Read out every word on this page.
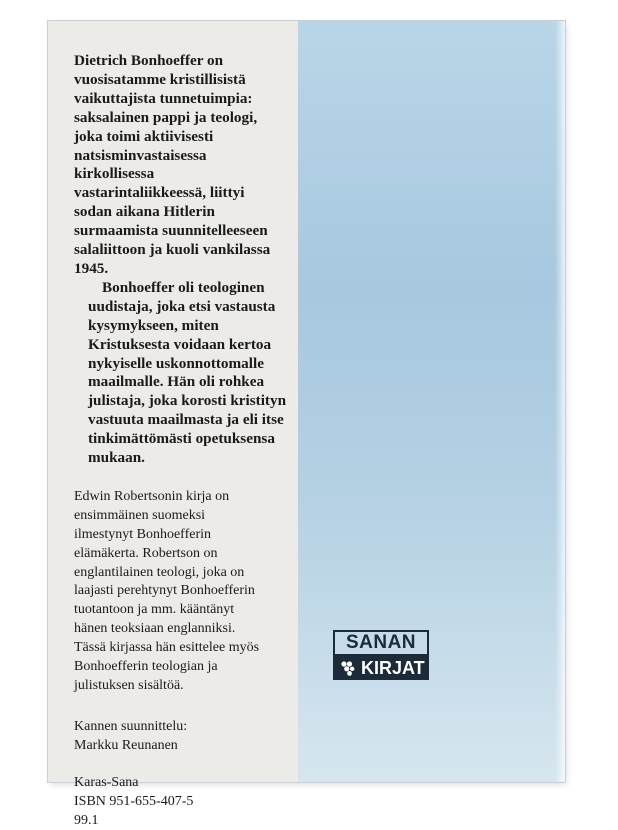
Dietrich Bonhoeffer on
vuosisatamme kristillisistä
vaikuttajista tunnetuimpia:
saksalainen pappi ja teologi,
joka toimi aktiivisesti
natsisminvastaisessa
kirkollisessa
vastarintaliikkeessä, liittyi
sodan aikana Hitlerin
surmaamista suunnitelleeseen
salaliittoon ja kuoli vankilassa
1945.

Bonhoeffer oli teologinen
uudistaja, joka etsi vastausta
kysymykseen, miten
Kristuksesta voidaan kertoa
nykyiselle uskonnottomalle
maailmalle. Hän oli rohkea
julistaja, joka korosti kristityn
vastuuta maailmasta ja eli itse
tinkimättömästi opetuksensa
mukaan.

Edwin Robertsonin kirja on
ensimmäinen suomeksi
ilmestynyt Bonhoefferin
elämäkerta. Robertson on
englantilainen teologi, joka on
laajasti perehtynyt Bonhoefferin
tuotantoon ja mm. kääntänyt
hänen teoksiaan englanniksi.
Tässä kirjassa hän esittelee myös
Bonhoefferin teologian ja
julistuksen sisältöä.

Kannen suunnittelu:
Markku Reunanen
Karas-Sana
ISBN 951-655-407-5
99.1
SANAN
KIRJAT
